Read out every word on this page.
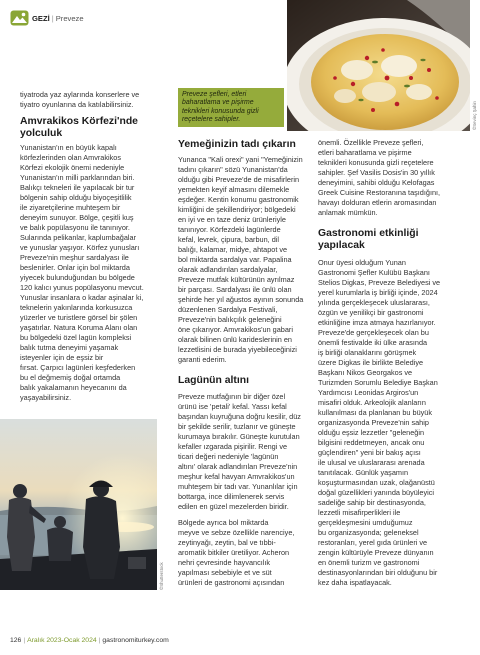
GEZİ | Preveze
©Sevinç Şahin
tiyatroda yaz aylarında konserlere ve
tiyatro oyunlarına da katılabilirsiniz.
Amvrakikos Körfezi'nde
yolculuk
Yunanistan'ın en büyük kapalı
körfezlerinden olan Amvrakikos
Körfezi ekolojik önemi nedeniyle
Yunanistan'ın milli parklarından biri.
Balıkçı tekneleri ile yapılacak bir tur
bölgenin sahip olduğu biyoçeşitlilik
ile ziyaretçilerine muhteşem bir
deneyim sunuyor. Bölge, çeşitli kuş
ve balık popülasyonu ile tanınıyor.
Sularında pelikanlar, kaplumbağalar
ve yunuslar yaşıyor. Körfez yunusları
Preveze'nin meşhur sardalyası ile
beslenirler. Onlar için bol miktarda
yiyecek bulunduğundan bu bölgede
120 kalıcı yunus popülasyonu mevcut.
Yunuslar insanlara o kadar aşinalar ki,
teknelerin yakınlarında korkusuzca
yüzerler ve turistlere görsel bir şölen
yaşatırlar. Natura Koruma Alanı olan
bu bölgedeki özel lagün kompleksi
balık tutma deneyimi yaşamak
isteyenler için de eşsiz bir
fırsat. Çarpıcı lagünleri keşfederken
bu el değmemiş doğal ortamda
balık yakalamanın heyecanını da
yaşayabilirsiniz.
©Shutterstock
Preveze şefleri, etleri
baharatlama ve pişirme
teknikleri konusunda gizli
reçetelere sahipler.
Yemeğinizin tadı çıkarın
Yunanca "Kali orexi" yani "Yemeğinizin
tadını çıkarın" sözü Yunanistan'da
olduğu gibi Preveze'de de misafirlerin
yemekten keyif almasını dilemekle
eşdeğer. Kentin konumu gastronomik
kimliğini de şekillendiriyor; bölgedeki
en iyi ve en taze deniz ürünleriyle
tanınıyor. Körfezdeki lagünlerde
kefal, levrek, çipura, barbun, dil
balığı, kalamar, midye, ahtapot ve
bol miktarda sardalya var. Papalina
olarak adlandırılan sardalyalar,
Preveze mutfak kültürünün ayrılmaz
bir parçası. Sardalyası ile ünlü olan
şehirde her yıl ağustos ayının sonunda
düzenlenen Sardalya Festivali,
Preveze'nin balıkçılık geleneğini
öne çıkarıyor. Amvrakikos'un gabari
olarak bilinen ünlü karideslerinin en
lezzetlisini de burada yiyebileceğinizi
garanti ederim.
Lagünün altını
Preveze mutfağının bir diğer özel
ürünü ise 'petali' kefal. Yassı kefal
başından kuyruğuna doğru kesilir, düz
bir şekilde serilir, tuzlanır ve güneşte
kurumaya bırakılır. Güneşte kurutulan
kefaller ızgarada pişirilir. Rengi ve
ticari değeri nedeniyle 'lagünün
altını' olarak adlandırılan Preveze'nin
meşhur kefal havyarı Amvrakikos'un
muhteşem bir tadı var. Yunanlılar için
bottarga, ince dilimlenerek servis
edilen en güzel mezelerden biridir.
Bölgede ayrıca bol miktarda
meyve ve sebze özellikle narenciye,
zeytinyağı, zeytin, bal ve tıbbi-
aromatik bitkiler üretiliyor. Acheron
nehri çevresinde hayvancılık
yapılması sebebiyle et ve süt
ürünleri de gastronomi açısından
önemli. Özellikle Preveze şefleri,
etleri baharatlama ve pişirme
teknikleri konusunda gizli reçetelere
sahipler. Şef Vasilis Dosis'in 30 yıllık
deneyimini, sahibi olduğu Kelofagas
Greek Cuisine Restoranına taşıdığını,
havayı dolduran etlerin aromasından
anlamak mümkün.
Gastronomi etkinliği
yapılacak
Onur üyesi olduğum Yunan
Gastronomi Şefler Kulübü Başkanı
Stelios Digkas, Preveze Belediyesi ve
yerel kurumlarla iş birliği içinde, 2024
yılında gerçekleşecek uluslararası,
özgün ve yenilikçi bir gastronomi
etkinliğine imza atmaya hazırlanıyor.
Preveze'de gerçekleşecek olan bu
önemli festivalde iki ülke arasında
iş birliği olanaklarını görüşmek
üzere Digkas ile birlikte Belediye
Başkanı Nikos Georgakos ve
Turizmden Sorumlu Belediye Başkan
Yardımcısı Leonidas Argiros'un
misafiri olduk. Arkeolojik alanların
kullanılması da planlanan bu büyük
organizasyonda Preveze'nin sahip
olduğu eşsiz lezzetler "geleneğin
bilgisini reddetmeyen, ancak onu
güçlendiren" yeni bir bakış açısı
ile ulusal ve uluslararası arenada
tanıtılacak. Günlük yaşamın
koşuşturmasından uzak, olağanüstü
doğal güzellikleri yanında büyüleyici
sadeliğe sahip bir destinasyonda,
lezzetli misafirperlikleri ile
gerçekleşmesini umduğumuz
bu organizasyonda; geleneksel
restoranları, yerel gıda ürünleri ve
zengin kültürüyle Preveze dünyanın
en önemli turizm ve gastronomi
destinasyonlarından biri olduğunu bir
kez daha ispatlayacak.
126 | Aralık 2023-Ocak 2024 | gastronomiturkey.com
